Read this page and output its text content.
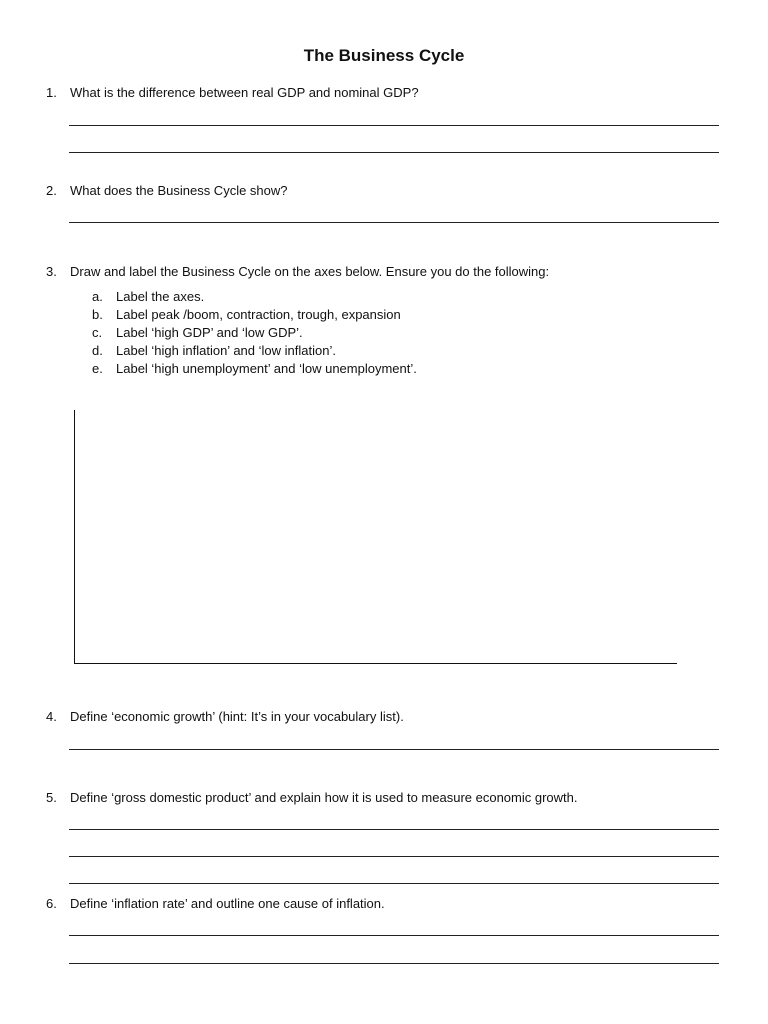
The Business Cycle
1. What is the difference between real GDP and nominal GDP?
2. What does the Business Cycle show?
3. Draw and label the Business Cycle on the axes below. Ensure you do the following:
a. Label the axes.
b. Label peak /boom, contraction, trough, expansion
c. Label ‘high GDP’ and ‘low GDP’.
d. Label ‘high inflation’ and ‘low inflation’.
e. Label ‘high unemployment’ and ‘low unemployment’.
4. Define ‘economic growth’ (hint: It’s in your vocabulary list).
5. Define ‘gross domestic product’ and explain how it is used to measure economic growth.
6. Define ‘inflation rate’ and outline one cause of inflation.
